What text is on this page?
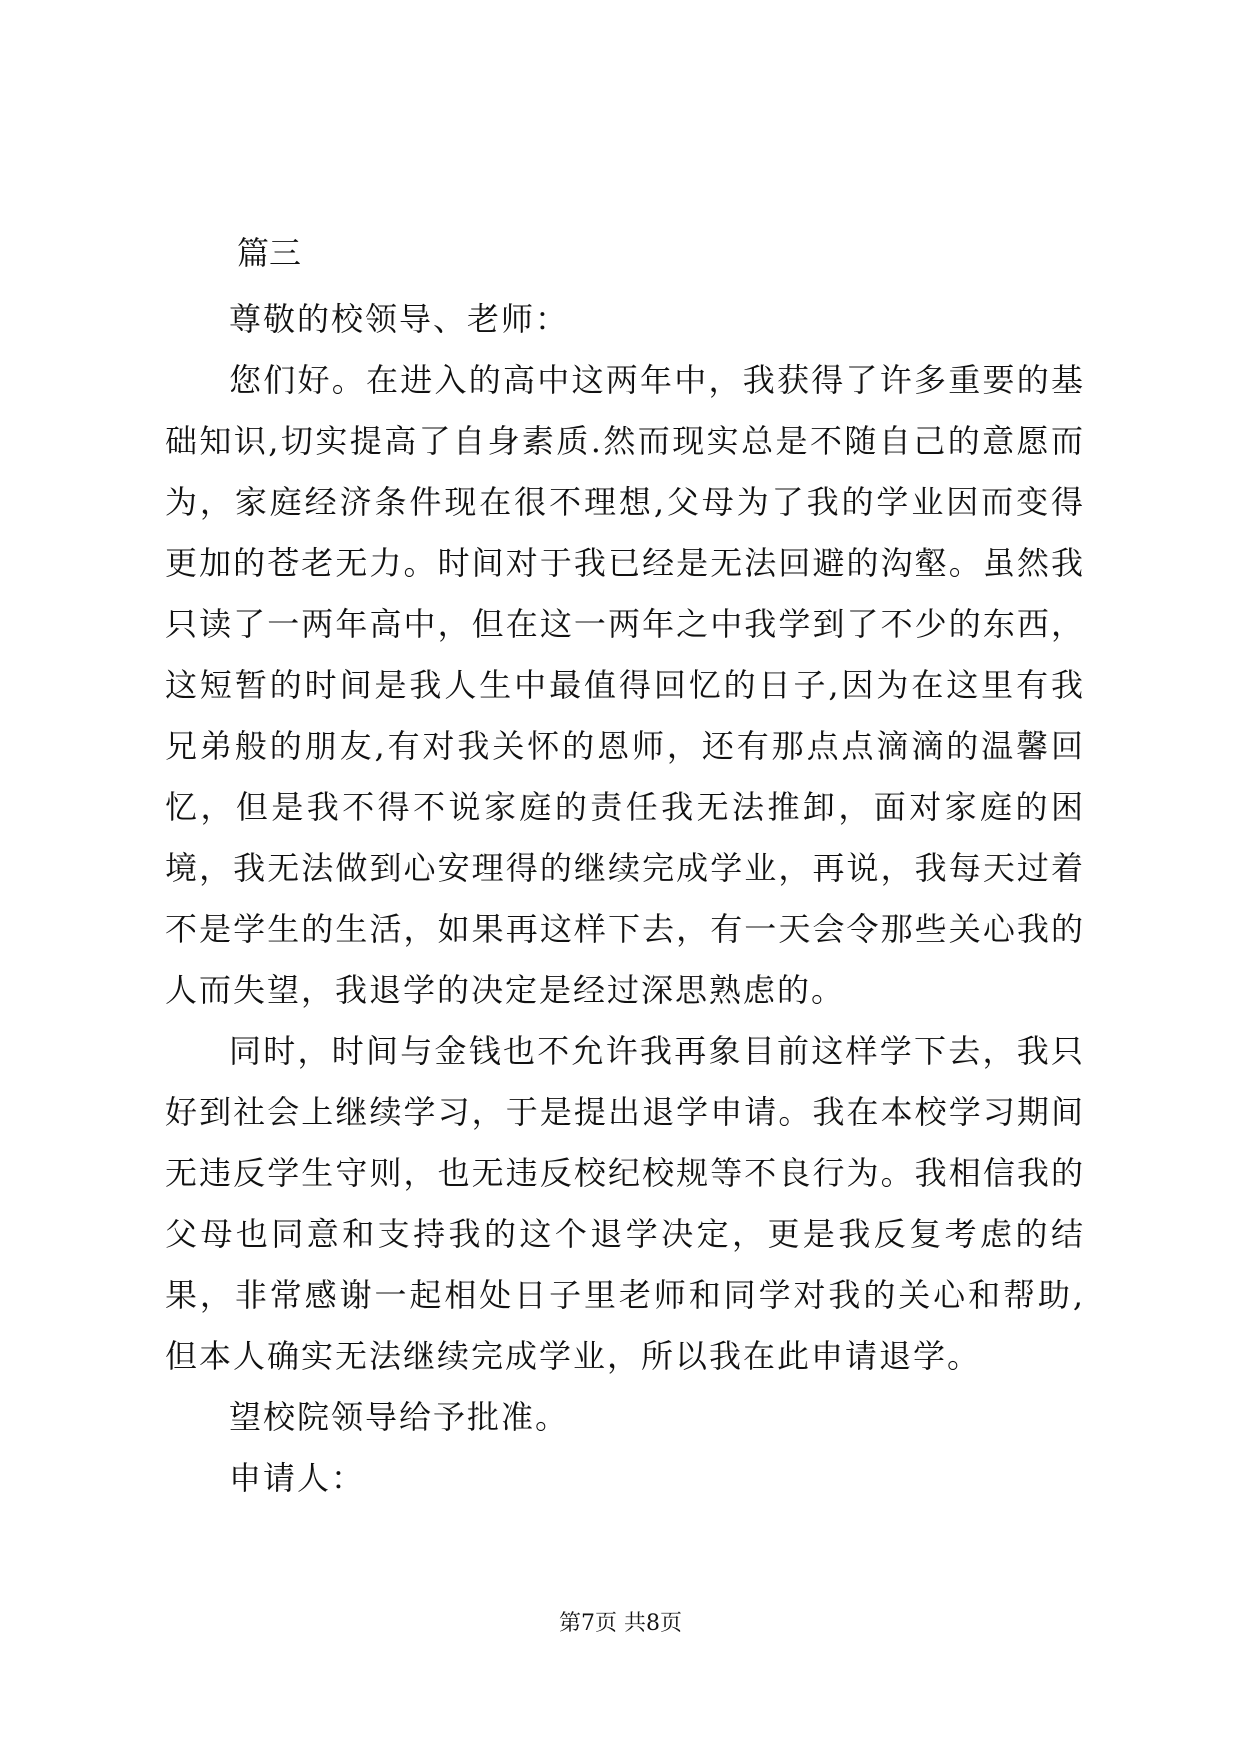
篇三

尊敬的校领导、老师：

您们好。在进入的高中这两年中，我获得了许多重要的基础知识,切实提高了自身素质.然而现实总是不随自己的意愿而为，家庭经济条件现在很不理想,父母为了我的学业因而变得更加的苍老无力。时间对于我已经是无法回避的沟壑。虽然我只读了一两年高中，但在这一两年之中我学到了不少的东西，这短暂的时间是我人生中最值得回忆的日子,因为在这里有我兄弟般的朋友,有对我关怀的恩师，还有那点点滴滴的温馨回忆，但是我不得不说家庭的责任我无法推卸，面对家庭的困境，我无法做到心安理得的继续完成学业，再说，我每天过着不是学生的生活，如果再这样下去，有一天会令那些关心我的人而失望，我退学的决定是经过深思熟虑的。

同时，时间与金钱也不允许我再象目前这样学下去，我只好到社会上继续学习，于是提出退学申请。我在本校学习期间无违反学生守则，也无违反校纪校规等不良行为。我相信我的父母也同意和支持我的这个退学决定，更是我反复考虑的结果，非常感谢一起相处日子里老师和同学对我的关心和帮助,但本人确实无法继续完成学业，所以我在此申请退学。

望校院领导给予批准。

申请人：

第7页 共8页
